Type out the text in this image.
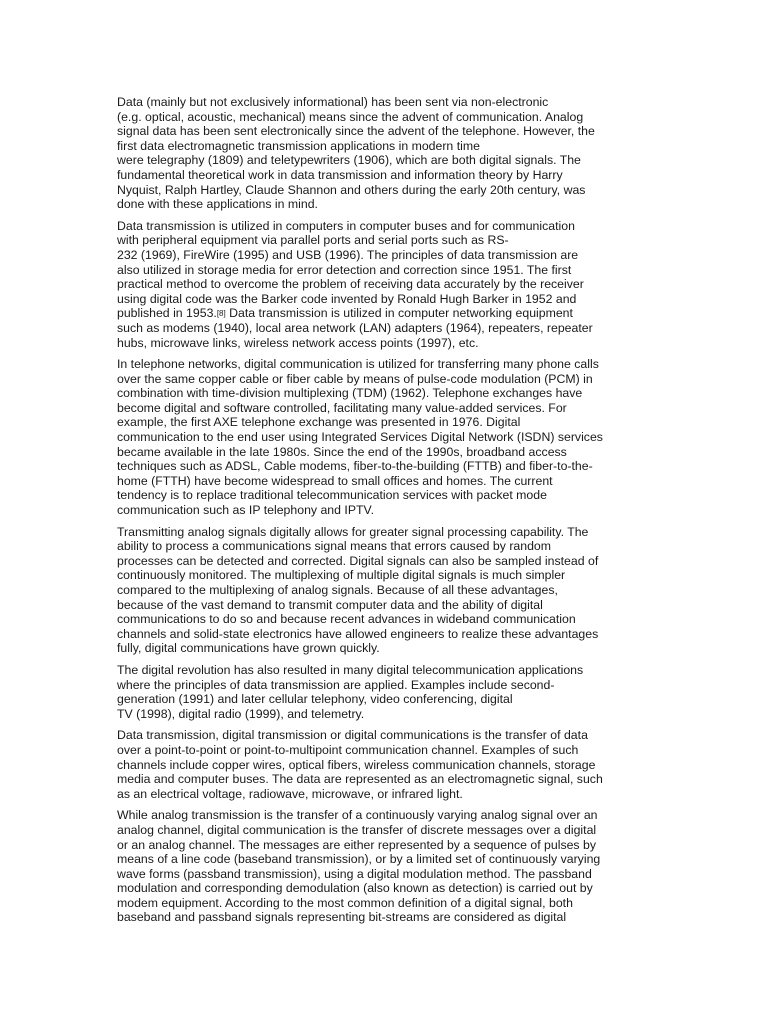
Data (mainly but not exclusively informational) has been sent via non-electronic
(e.g. optical, acoustic, mechanical) means since the advent of communication. Analog
signal data has been sent electronically since the advent of the telephone. However, the
first data electromagnetic transmission applications in modern time
were telegraphy (1809) and teletypewriters (1906), which are both digital signals. The
fundamental theoretical work in data transmission and information theory by Harry
Nyquist, Ralph Hartley, Claude Shannon and others during the early 20th century, was
done with these applications in mind.

Data transmission is utilized in computers in computer buses and for communication
with peripheral equipment via parallel ports and serial ports such as RS-
232 (1969), FireWire (1995) and USB (1996). The principles of data transmission are
also utilized in storage media for error detection and correction since 1951. The first
practical method to overcome the problem of receiving data accurately by the receiver
using digital code was the Barker code invented by Ronald Hugh Barker in 1952 and
published in 1953.[8] Data transmission is utilized in computer networking equipment
such as modems (1940), local area network (LAN) adapters (1964), repeaters, repeater
hubs, microwave links, wireless network access points (1997), etc.

In telephone networks, digital communication is utilized for transferring many phone calls
over the same copper cable or fiber cable by means of pulse-code modulation (PCM) in
combination with time-division multiplexing (TDM) (1962). Telephone exchanges have
become digital and software controlled, facilitating many value-added services. For
example, the first AXE telephone exchange was presented in 1976. Digital
communication to the end user using Integrated Services Digital Network (ISDN) services
became available in the late 1980s. Since the end of the 1990s, broadband access
techniques such as ADSL, Cable modems, fiber-to-the-building (FTTB) and fiber-to-the-
home (FTTH) have become widespread to small offices and homes. The current
tendency is to replace traditional telecommunication services with packet mode
communication such as IP telephony and IPTV.

Transmitting analog signals digitally allows for greater signal processing capability. The
ability to process a communications signal means that errors caused by random
processes can be detected and corrected. Digital signals can also be sampled instead of
continuously monitored. The multiplexing of multiple digital signals is much simpler
compared to the multiplexing of analog signals. Because of all these advantages,
because of the vast demand to transmit computer data and the ability of digital
communications to do so and because recent advances in wideband communication
channels and solid-state electronics have allowed engineers to realize these advantages
fully, digital communications have grown quickly.

The digital revolution has also resulted in many digital telecommunication applications
where the principles of data transmission are applied. Examples include second-
generation (1991) and later cellular telephony, video conferencing, digital
TV (1998), digital radio (1999), and telemetry.

Data transmission, digital transmission or digital communications is the transfer of data
over a point-to-point or point-to-multipoint communication channel. Examples of such
channels include copper wires, optical fibers, wireless communication channels, storage
media and computer buses. The data are represented as an electromagnetic signal, such
as an electrical voltage, radiowave, microwave, or infrared light.

While analog transmission is the transfer of a continuously varying analog signal over an
analog channel, digital communication is the transfer of discrete messages over a digital
or an analog channel. The messages are either represented by a sequence of pulses by
means of a line code (baseband transmission), or by a limited set of continuously varying
wave forms (passband transmission), using a digital modulation method. The passband
modulation and corresponding demodulation (also known as detection) is carried out by
modem equipment. According to the most common definition of a digital signal, both
baseband and passband signals representing bit-streams are considered as digital
